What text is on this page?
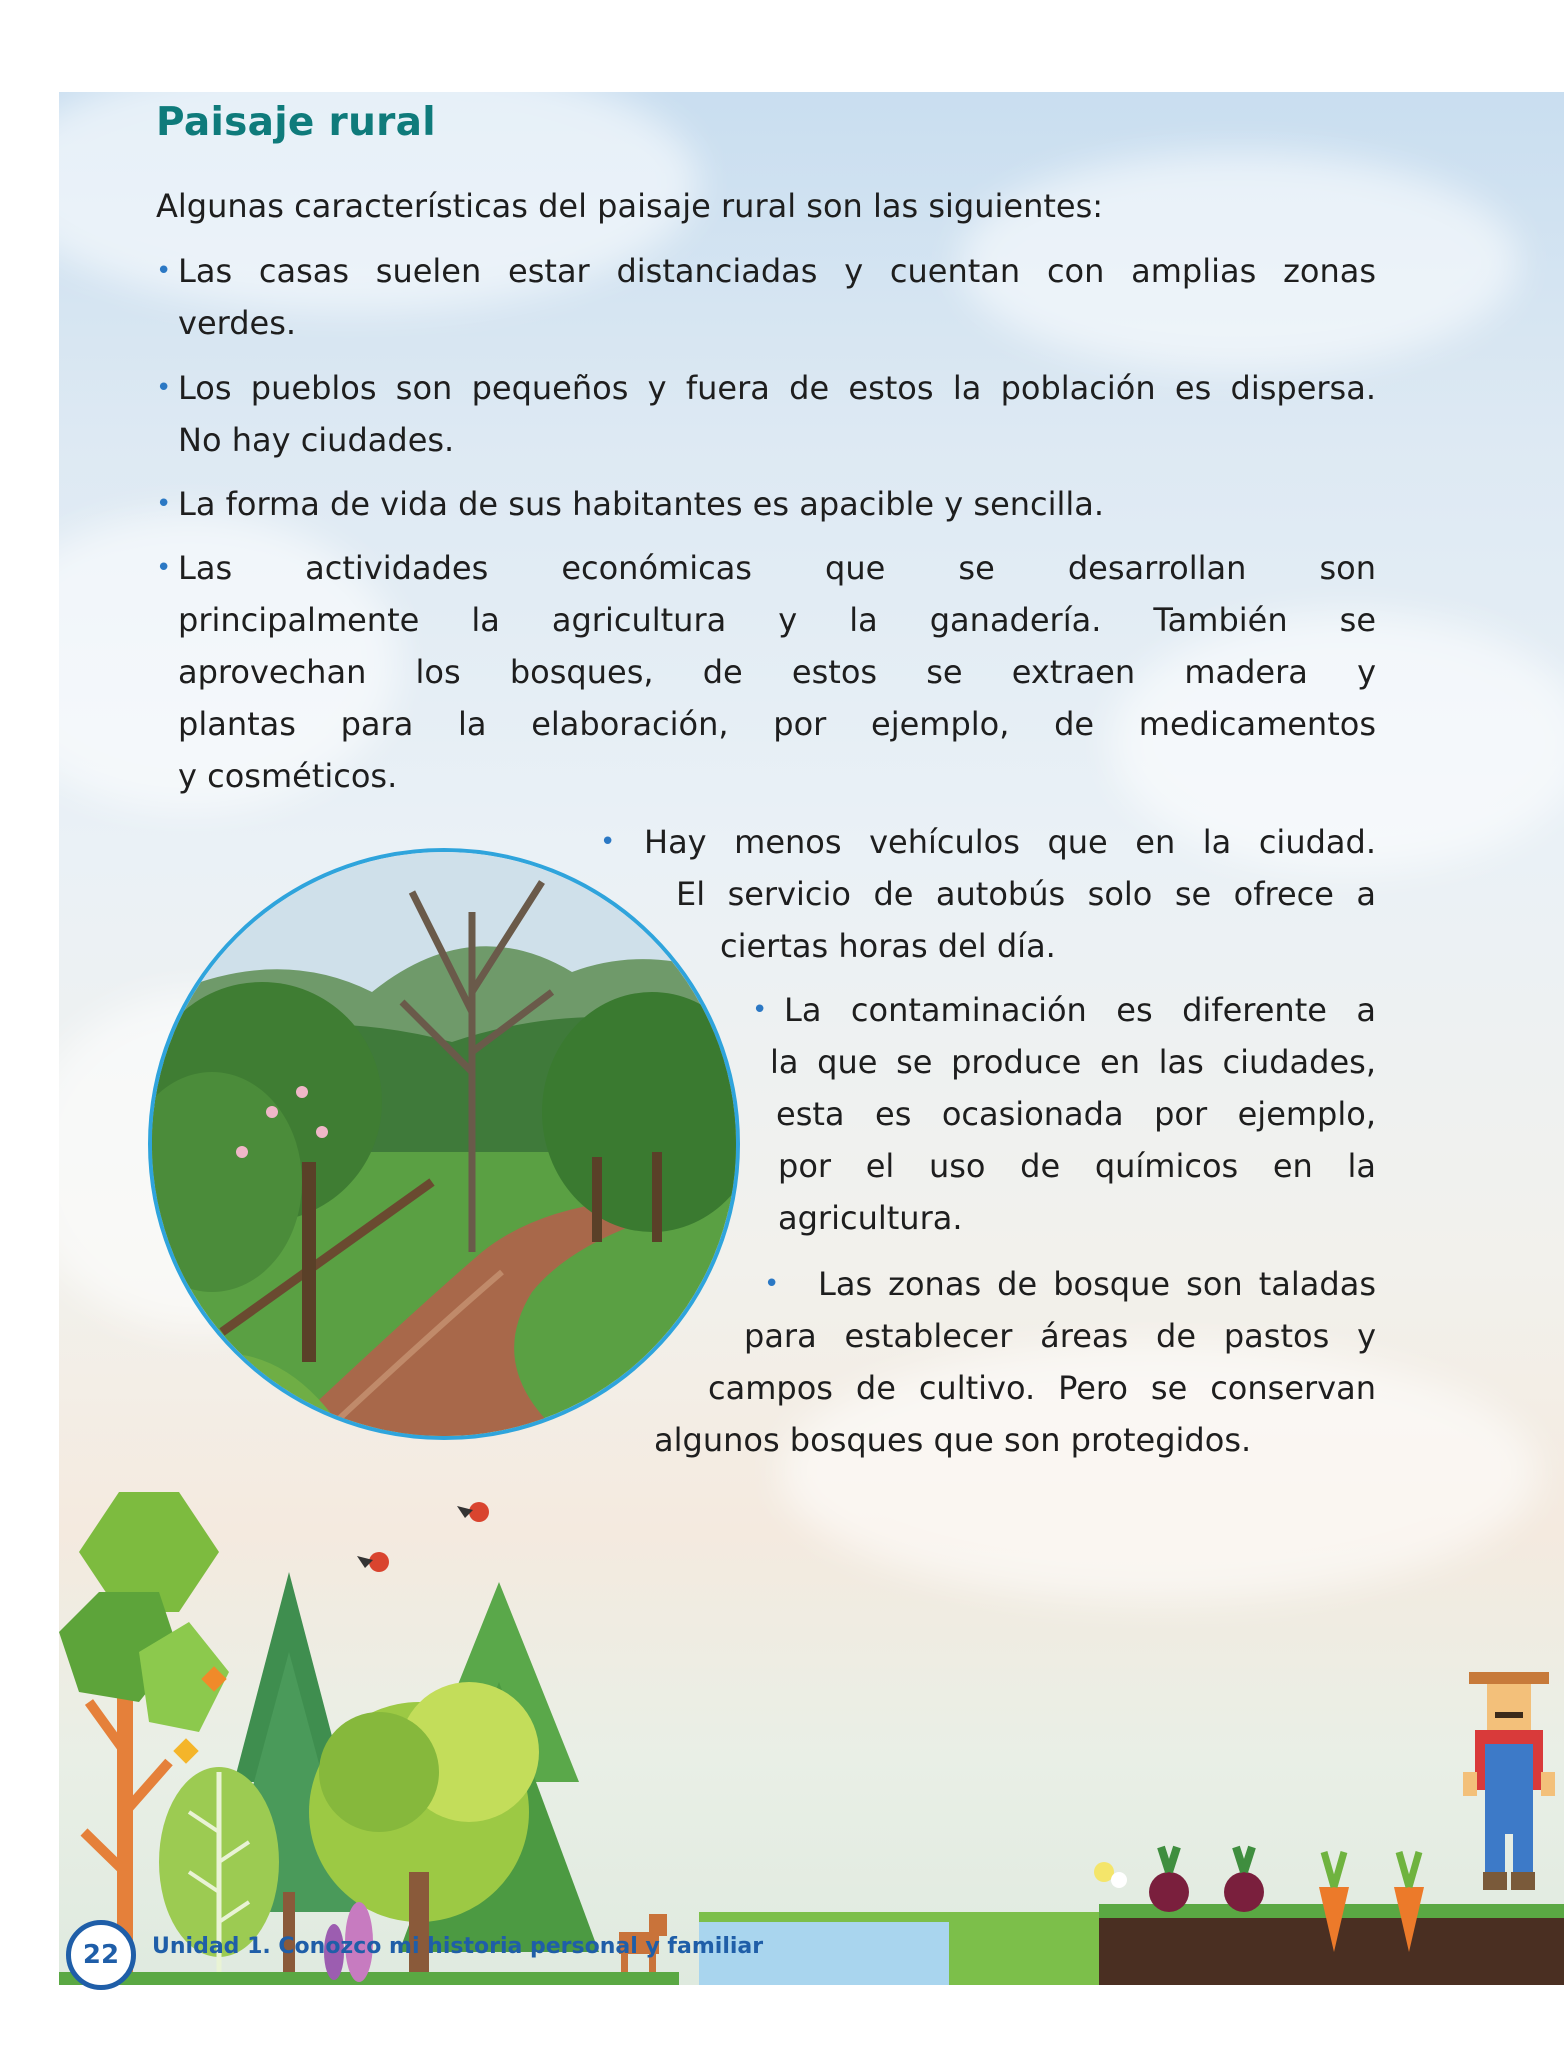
Paisaje rural

Algunas características del paisaje rural son las siguientes:

• Las casas suelen estar distanciadas y cuentan con amplias zonas
verdes.
• Los pueblos son pequeños y fuera de estos la población es dispersa.
No hay ciudades.
• La forma de vida de sus habitantes es apacible y sencilla.
• Las actividades económicas que se desarrollan son
principalmente la agricultura y la ganadería. También se
aprovechan los bosques, de estos se extraen madera y
plantas para la elaboración, por ejemplo, de medicamentos
y cosméticos.
• Hay menos vehículos que en la ciudad.
El servicio de autobús solo se ofrece a
ciertas horas del día.
• La contaminación es diferente a
la que se produce en las ciudades,
esta es ocasionada por ejemplo,
por el uso de químicos en la
agricultura.
•	Las zonas de bosque son taladas
para establecer áreas de pastos y
campos de cultivo. Pero se conservan
algunos bosques que son protegidos.
22	Unidad 1. Conozco mi historia personal y familiar
